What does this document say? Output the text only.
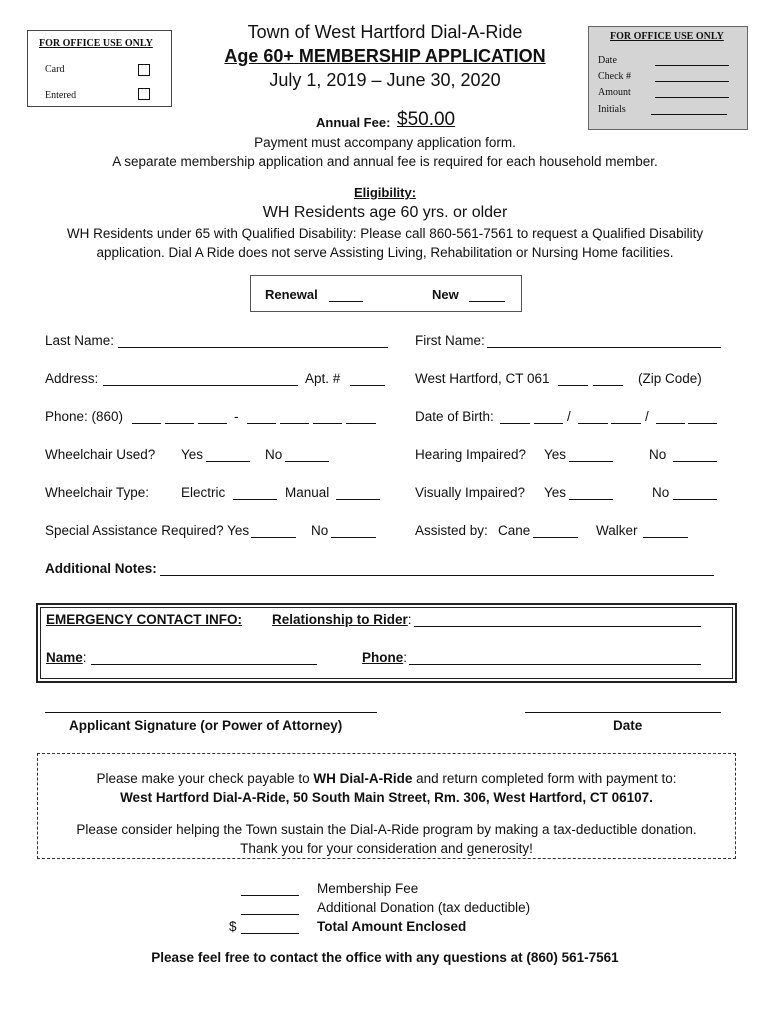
FOR OFFICE USE ONLY
Card
Entered
FOR OFFICE USE ONLY
Date
Check #
Amount
Initials
Town of West Hartford Dial-A-Ride
Age 60+ MEMBERSHIP APPLICATION
July 1, 2019 – June 30, 2020
Annual Fee: $50.00
Payment must accompany application form.
A separate membership application and annual fee is required for each household member.
Eligibility:
WH Residents age 60 yrs. or older
WH Residents under 65 with Qualified Disability: Please call 860-561-7561 to request a Qualified Disability
application. Dial A Ride does not serve Assisting Living, Rehabilitation or Nursing Home facilities.
Renewal	New
Last Name:	First Name:
Address:	Apt. #	West Hartford, CT 061	(Zip Code)
Phone: (860)	-	Date of Birth:	/	/
Wheelchair Used? Yes	No	Hearing Impaired? Yes	No
Wheelchair Type: Electric	Manual	Visually Impaired? Yes	No
Special Assistance Required? Yes	No	Assisted by: Cane	Walker
Additional Notes:
EMERGENCY CONTACT INFO: Relationship to Rider:
Name:	Phone:
Applicant Signature (or Power of Attorney)	Date
Please make your check payable to WH Dial-A-Ride and return completed form with payment to:
West Hartford Dial-A-Ride, 50 South Main Street, Rm. 306, West Hartford, CT 06107.
Please consider helping the Town sustain the Dial-A-Ride program by making a tax-deductible donation.
Thank you for your consideration and generosity!
Membership Fee
Additional Donation (tax deductible)
$	Total Amount Enclosed
Please feel free to contact the office with any questions at (860) 561-7561
